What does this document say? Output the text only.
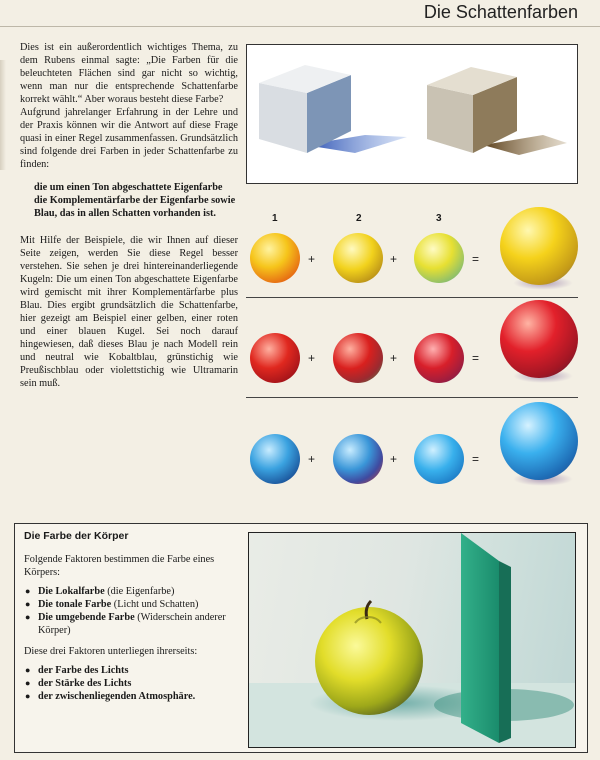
Die Schattenfarben

Dies ist ein außerordentlich wichtiges Thema, zu dem Rubens einmal sagte: „Die Farben für die beleuchteten Flächen sind gar nicht so wichtig, wenn man nur die entsprechende Schattenfarbe korrekt wählt.“ Aber woraus besteht diese Farbe?

Aufgrund jahrelanger Erfahrung in der Lehre und der Praxis können wir die Antwort auf diese Frage quasi in einer Regel zusammenfassen. Grundsätzlich sind folgende drei Farben in jeder Schattenfarbe zu finden:

die um einen Ton abgeschattete Eigenfarbe
die Komplementärfarbe der Eigenfarbe sowie
Blau, das in allen Schatten vorhanden ist.

Mit Hilfe der Beispiele, die wir Ihnen auf dieser Seite zeigen, werden Sie diese Regel besser verstehen. Sie sehen je drei hintereinanderliegende Kugeln: Die um einen Ton abgeschattete Eigenfarbe wird gemischt mit ihrer Komplementärfarbe plus Blau. Dies ergibt grundsätzlich die Schattenfarbe, hier gezeigt am Beispiel einer gelben, einer roten und einer blauen Kugel. Sei noch darauf hingewiesen, daß dieses Blau je nach Modell rein und neutral wie Kobaltblau, grünstichig wie Preußischblau oder violettstichig wie Ultramarin sein muß.

1	2	3
+	+	=
+	+	=
+	+	=
Die Farbe der Körper

Folgende Faktoren bestimmen die Farbe eines Körpers:

● Die Lokalfarbe (die Eigenfarbe)
● Die tonale Farbe (Licht und Schatten)
● Die umgebende Farbe (Widerschein anderer Körper)

Diese drei Faktoren unterliegen ihrerseits:

● der Farbe des Lichts
● der Stärke des Lichts
● der zwischenliegenden Atmosphäre.
